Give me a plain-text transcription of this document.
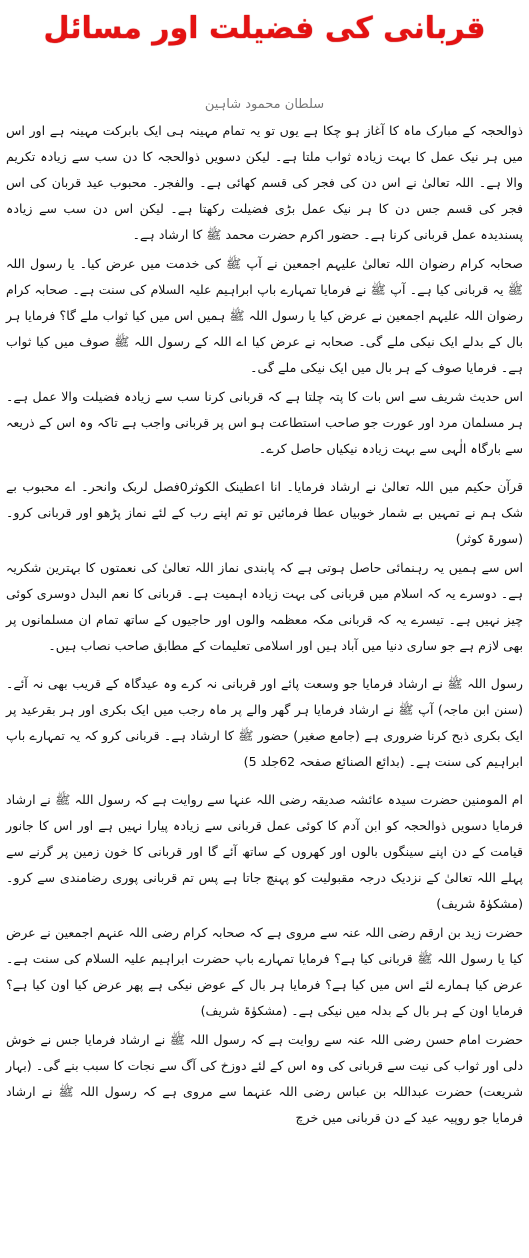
قربانی کی فضیلت اور مسائل
سلطان محمود شاہین

ذوالحجہ کے مبارک ماہ کا آغاز ہو چکا ہے یوں تو یہ تمام مہینہ ہی ایک بابرکت مہینہ ہے اور اس میں ہر نیک عمل کا بہت زیادہ ثواب ملتا ہے۔ لیکن دسویں ذوالحجہ کا دن سب سے زیادہ تکریم والا ہے۔ اللہ تعالیٰ نے اس دن کی فجر کی قسم کھائی ہے۔ والفجر۔ محبوب عید قربان کی اس فجر کی قسم جس دن کا ہر نیک عمل بڑی فضیلت رکھتا ہے۔ لیکن اس دن سب سے زیادہ پسندیدہ عمل قربانی کرنا ہے۔ حضور اکرم حضرت محمد ﷺ کا ارشاد ہے۔

صحابہ کرام رضوان اللہ تعالیٰ علیہم اجمعین نے آپ ﷺ کی خدمت میں عرض کیا۔ یا رسول اللہ ﷺ یہ قربانی کیا ہے۔ آپ ﷺ نے فرمایا تمہارے باپ ابراہیم علیہ السلام کی سنت ہے۔ صحابہ کرام رضوان اللہ علیہم اجمعین نے عرض کیا یا رسول اللہ ﷺ ہمیں اس میں کیا ثواب ملے گا؟ فرمایا ہر بال کے بدلے ایک نیکی ملے گی۔ صحابہ نے عرض کیا اے اللہ کے رسول اللہ ﷺ صوف میں کیا ثواب ہے۔ فرمایا صوف کے ہر بال میں ایک نیکی ملے گی۔

اس حدیث شریف سے اس بات کا پتہ چلتا ہے کہ قربانی کرنا سب سے زیادہ فضیلت والا عمل ہے۔ ہر مسلمان مرد اور عورت جو صاحب استطاعت ہو اس پر قربانی واجب ہے تاکہ وہ اس کے ذریعہ سے بارگاہ الٰہی سے بہت زیادہ نیکیاں حاصل کرے۔

قرآن حکیم میں اللہ تعالیٰ نے ارشاد فرمایا۔ انا اعطینک الکوثر0فصل لربک وانحر۔ اے محبوب بے شک ہم نے تمہیں بے شمار خوبیاں عطا فرمائیں تو تم اپنے رب کے لئے نماز پڑھو اور قربانی کرو۔ (سورۃ کوثر)

اس سے ہمیں یہ رہنمائی حاصل ہوتی ہے کہ پابندی نماز اللہ تعالیٰ کی نعمتوں کا بہترین شکریہ ہے۔ دوسرے یہ کہ اسلام میں قربانی کی بہت زیادہ اہمیت ہے۔ قربانی کا نعم البدل دوسری کوئی چیز نہیں ہے۔ تیسرے یہ کہ قربانی مکہ معظمہ والوں اور حاجیوں کے ساتھ تمام ان مسلمانوں پر بھی لازم ہے جو ساری دنیا میں آباد ہیں اور اسلامی تعلیمات کے مطابق صاحب نصاب ہیں۔

رسول اللہ ﷺ نے ارشاد فرمایا جو وسعت پائے اور قربانی نہ کرے وہ عیدگاہ کے قریب بھی نہ آئے۔ (سنن ابن ماجہ) آپ ﷺ نے ارشاد فرمایا ہر گھر والے پر ماہ رجب میں ایک بکری اور ہر بقرعید پر ایک بکری ذبح کرنا ضروری ہے (جامع صغیر) حضور ﷺ کا ارشاد ہے۔ قربانی کرو کہ یہ تمہارے باپ ابراہیم کی سنت ہے۔ (بدائع الصنائع صفحہ 62جلد 5)

ام المومنین حضرت سیدہ عائشہ صدیقہ رضی اللہ عنہا سے روایت ہے کہ رسول اللہ ﷺ نے ارشاد فرمایا دسویں ذوالحجہ کو ابن آدم کا کوئی عمل قربانی سے زیادہ پیارا نہیں ہے اور اس کا جانور قیامت کے دن اپنے سینگوں بالوں اور کھروں کے ساتھ آئے گا اور قربانی کا خون زمین پر گرنے سے پہلے اللہ تعالیٰ کے نزدیک درجہ مقبولیت کو پہنچ جاتا ہے پس تم قربانی پوری رضامندی سے کرو۔ (مشکوٰۃ شریف)

حضرت زید بن ارقم رضی اللہ عنہ سے مروی ہے کہ صحابہ کرام رضی اللہ عنہم اجمعین نے عرض کیا یا رسول اللہ ﷺ قربانی کیا ہے؟ فرمایا تمہارے باپ حضرت ابراہیم علیہ السلام کی سنت ہے۔ عرض کیا ہمارے لئے اس میں کیا ہے؟ فرمایا ہر بال کے عوض نیکی ہے پھر عرض کیا اون کیا ہے؟ فرمایا اون کے ہر بال کے بدلہ میں نیکی ہے۔ (مشکوٰۃ شریف)

حضرت امام حسن رضی اللہ عنہ سے روایت ہے کہ رسول اللہ ﷺ نے ارشاد فرمایا جس نے خوش دلی اور ثواب کی نیت سے قربانی کی وہ اس کے لئے دوزخ کی آگ سے نجات کا سبب بنے گی۔ (بہار شریعت) حضرت عبداللہ بن عباس رضی اللہ عنہما سے مروی ہے کہ رسول اللہ ﷺ نے ارشاد فرمایا جو روپیہ عید کے دن قربانی میں خرچ
